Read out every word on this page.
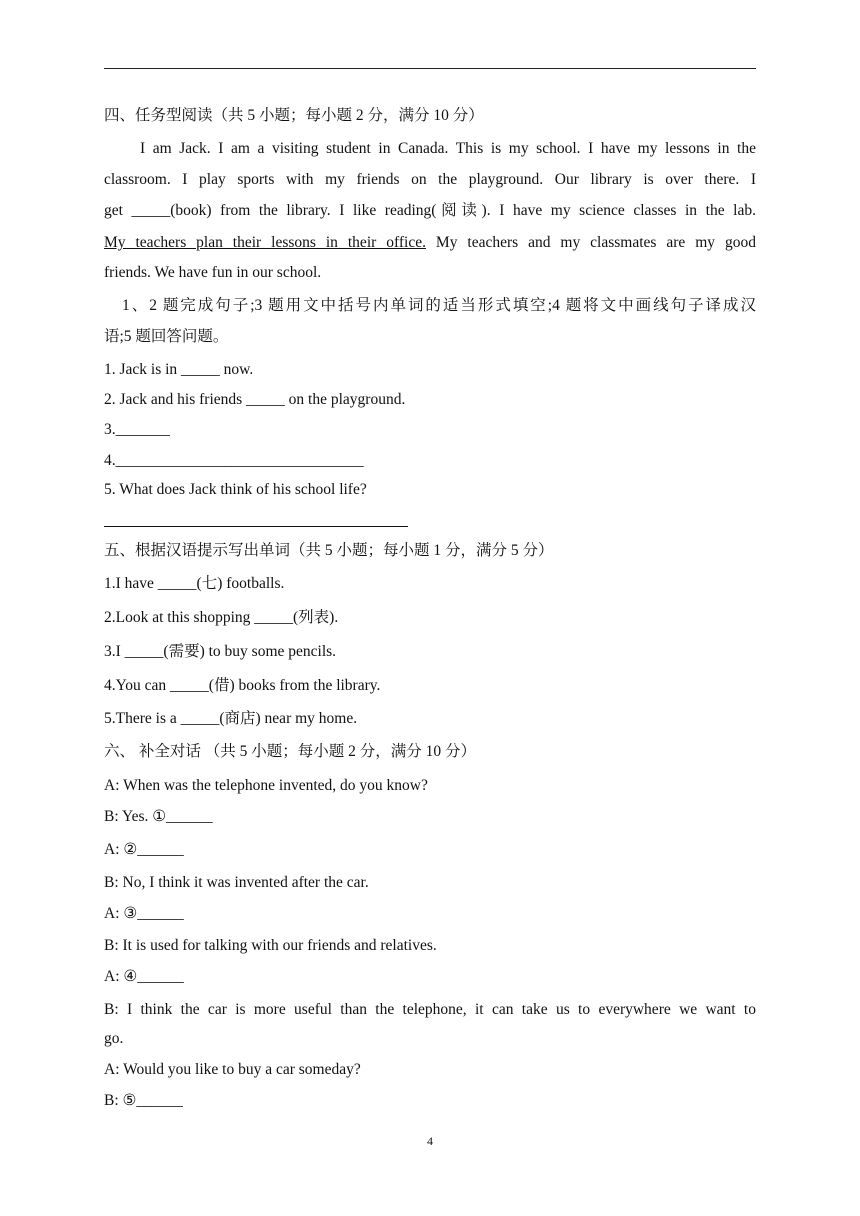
四、任务型阅读（共 5 小题；每小题 2 分，满分 10 分）
I am Jack. I am a visiting student in Canada. This is my school. I have my lessons in the
classroom. I play sports with my friends on the playground. Our library is over there. I
get _____(book) from the library. I like reading(阅读). I have my science classes in the lab.
My teachers plan their lessons in their office. My teachers and my classmates are my good
friends. We have fun in our school.
1、2 题完成句子;3 题用文中括号内单词的适当形式填空;4 题将文中画线句子译成汉
语;5 题回答问题。
1. Jack is in _____ now.
2. Jack and his friends _____ on the playground.
3._______
4.________________________________
5. What does Jack think of his school life?
五、根据汉语提示写出单词（共 5 小题；每小题 1 分，满分 5 分）
1.I have _____(七) footballs.
2.Look at this shopping _____(列表).
3.I _____(需要) to buy some pencils.
4.You can _____(借) books from the library.
5.There is a _____(商店) near my home.
六、 补全对话 （共 5 小题；每小题 2 分，满分 10 分）
A: When was the telephone invented, do you know?
B: Yes. ①______
A: ②______
B: No, I think it was invented after the car.
A: ③______
B: It is used for talking with our friends and relatives.
A: ④______
B: I think the car is more useful than the telephone, it can take us to everywhere we want to
go.
A: Would you like to buy a car someday?
B: ⑤______
4
